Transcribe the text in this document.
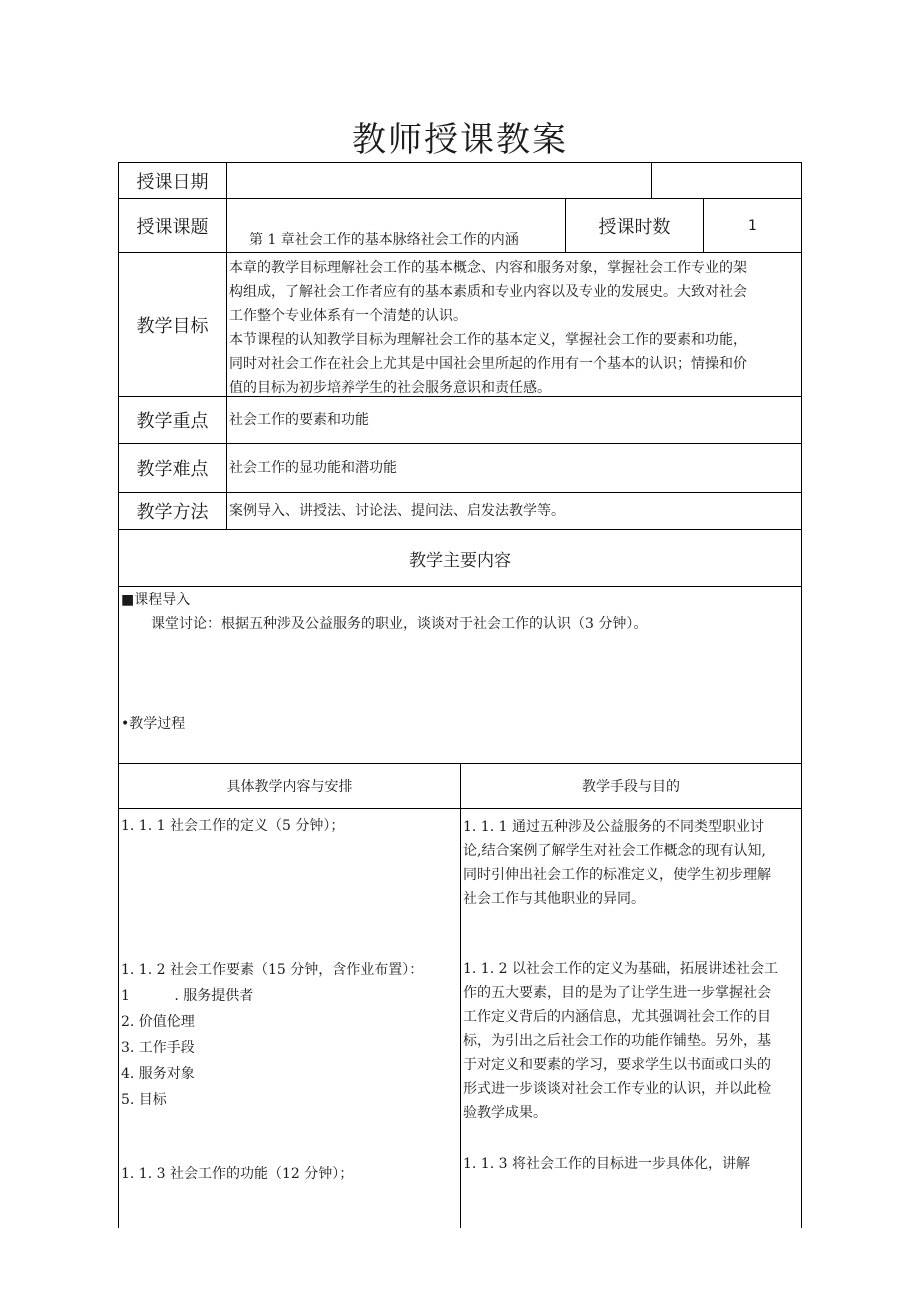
教师授课教案
授课日期
授课课题
第 1 章社会工作的基本脉络社会工作的内涵
授课时数	1
教学目标
本章的教学目标理解社会工作的基本概念、内容和服务对象，掌握社会工作专业的架
构组成，了解社会工作者应有的基本素质和专业内容以及专业的发展史。大致对社会
工作整个专业体系有一个清楚的认识。
本节课程的认知教学目标为理解社会工作的基本定义，掌握社会工作的要素和功能，
同时对社会工作在社会上尤其是中国社会里所起的作用有一个基本的认识；情操和价
值的目标为初步培养学生的社会服务意识和责任感。
教学重点 社会工作的要素和功能
教学难点 社会工作的显功能和潜功能
教学方法 案例导入、讲授法、讨论法、提问法、启发法教学等。
教学主要内容
■课程导入
课堂讨论：根据五种涉及公益服务的职业，谈谈对于社会工作的认识（3 分钟）。
•教学过程
具体教学内容与安排	教学手段与目的
1. 1. 1 社会工作的定义（5 分钟）；
1. 1. 2 社会工作要素（15 分钟，含作业布置）：
1          . 服务提供者
2. 价值伦理
3. 工作手段
4. 服务对象
5. 目标
1. 1. 3 社会工作的功能（12 分钟）；
1. 1. 1 通过五种涉及公益服务的不同类型职业讨
论,结合案例了解学生对社会工作概念的现有认知,
同时引伸出社会工作的标准定义，使学生初步理解
社会工作与其他职业的异同。
1. 1. 2 以社会工作的定义为基础，拓展讲述社会工
作的五大要素，目的是为了让学生进一步掌握社会
工作定义背后的内涵信息，尤其强调社会工作的目
标，为引出之后社会工作的功能作铺垫。另外，基
于对定义和要素的学习，要求学生以书面或口头的
形式进一步谈谈对社会工作专业的认识，并以此检
验教学成果。
1. 1. 3 将社会工作的目标进一步具体化，讲解
